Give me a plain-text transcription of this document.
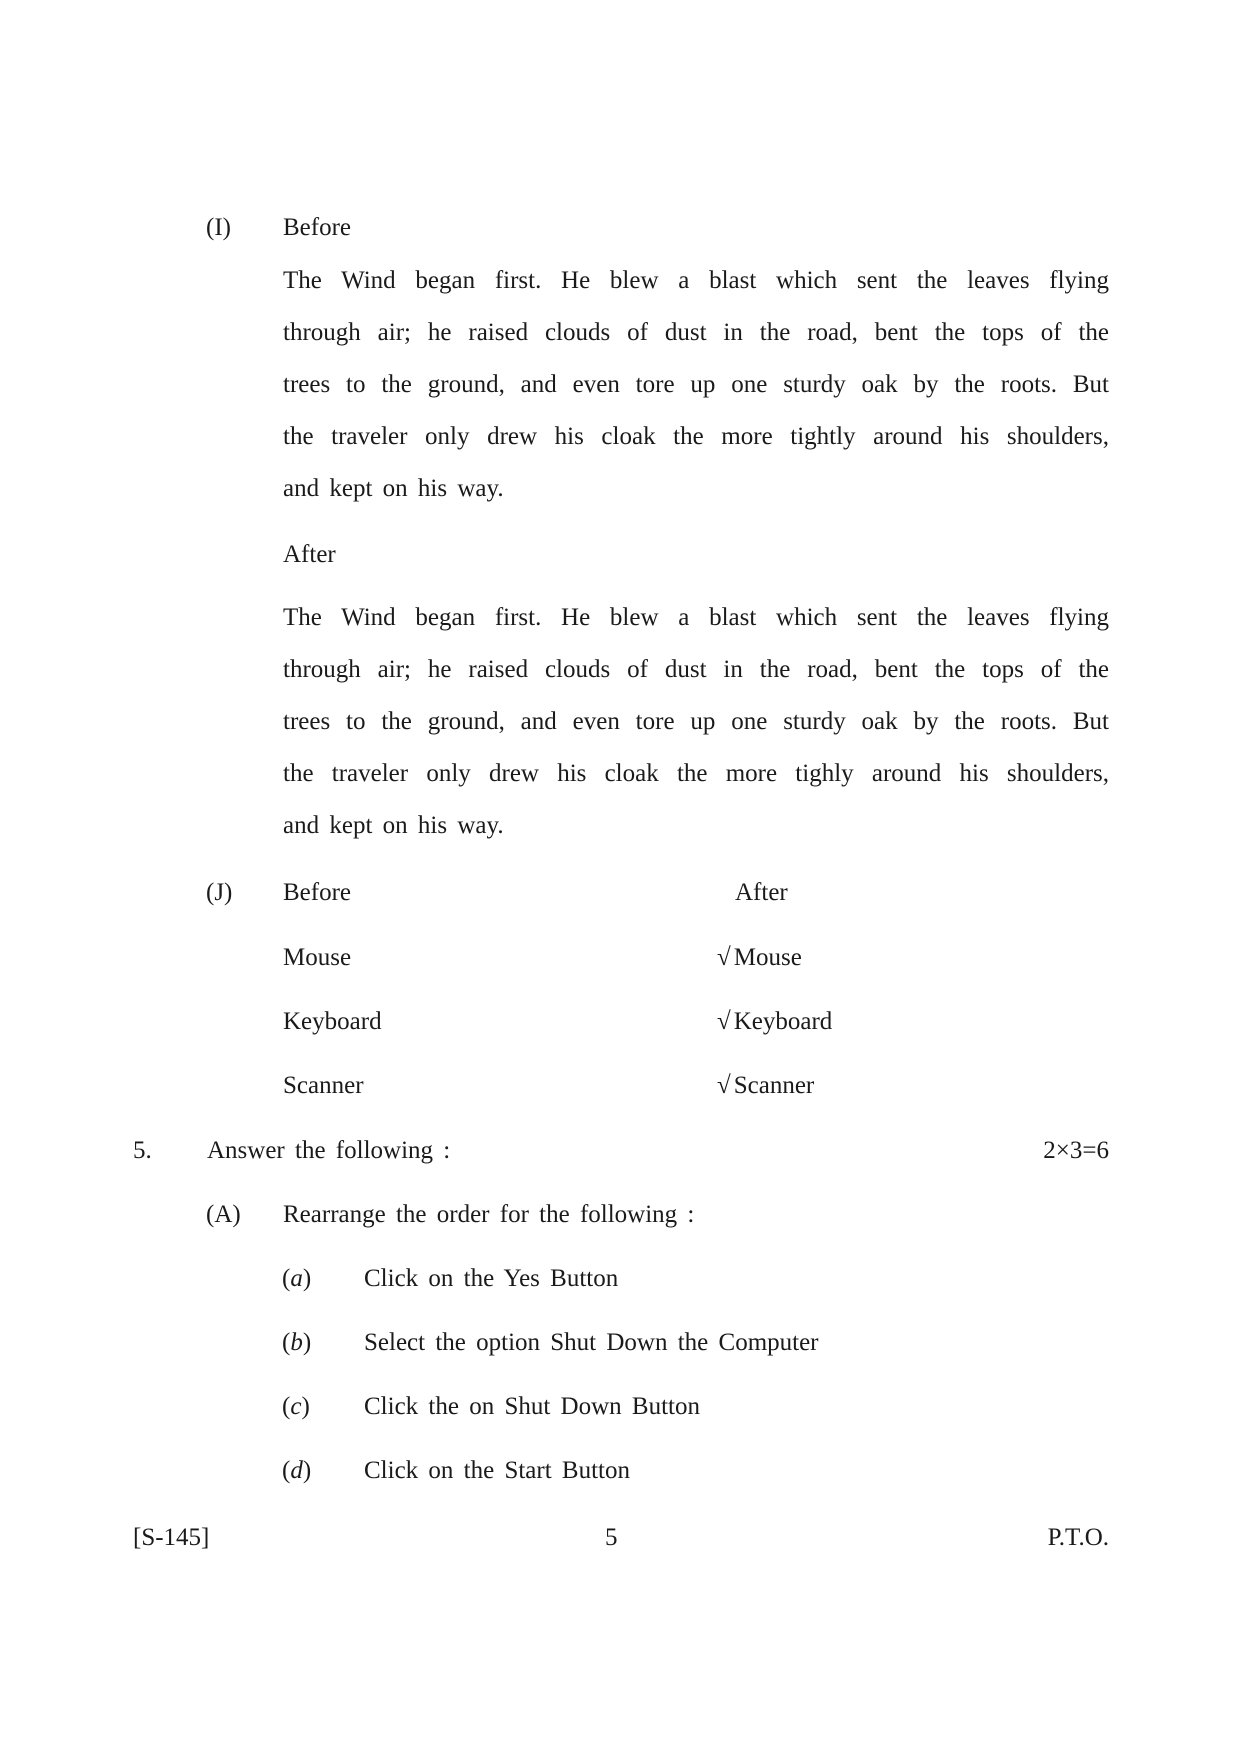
(I) Before
The Wind began first. He blew a blast which sent the leaves flying
through air; he raised clouds of dust in the road, bent the tops of the
trees to the ground, and even tore up one sturdy oak by the roots. But
the traveler only drew his cloak the more tightly around his shoulders,
and kept on his way.
After
The Wind began first. He blew a blast which sent the leaves flying
through air; he raised clouds of dust in the road, bent the tops of the
trees to the ground, and even tore up one sturdy oak by the roots. But
the traveler only drew his cloak the more tighly around his shoulders,
and kept on his way.
(J) Before	After
Mouse	√ Mouse
Keyboard	√ Keyboard
Scanner	√ Scanner
5. Answer the following :	2×3=6
(A) Rearrange the order for the following :
(a) Click on the Yes Button
(b) Select the option Shut Down the Computer
(c) Click the on Shut Down Button
(d) Click on the Start Button
[S-145]	5	P.T.O.
